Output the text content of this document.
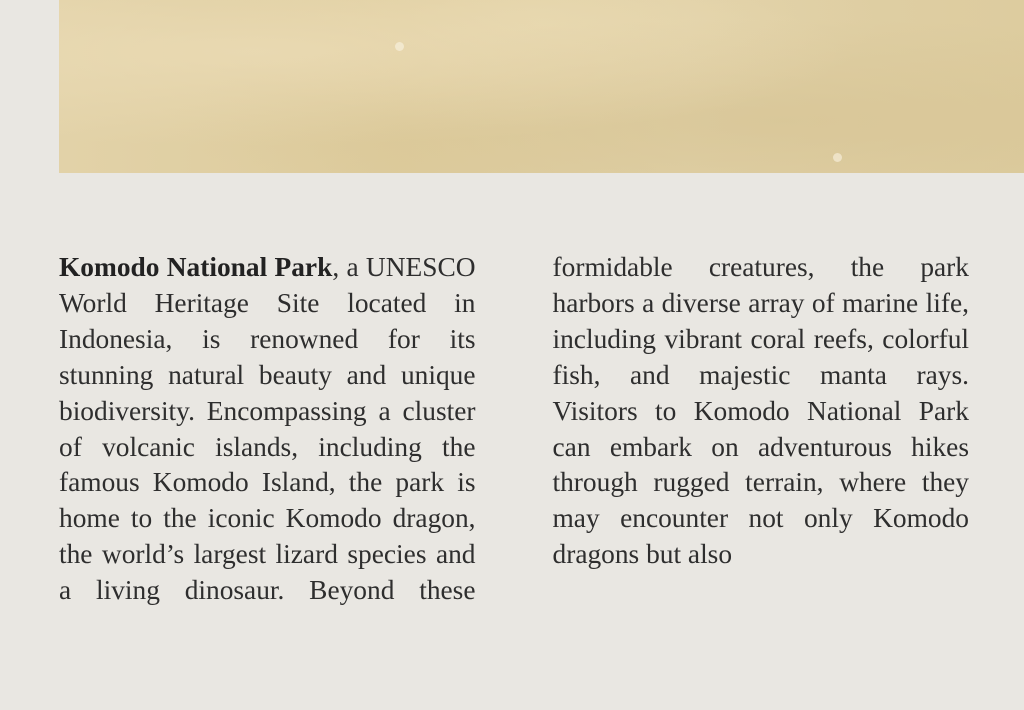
Komodo National Park, a UNESCO World Heritage Site located in Indonesia, is renowned for its stunning natural beauty and unique biodiversity. Encompassing a cluster of volcanic islands, including the famous Komodo Island, the park is home to the iconic Komodo dragon, the world’s largest lizard species and a living dinosaur. Beyond these formidable creatures, the park harbors a diverse array of marine life, including vibrant coral reefs, colorful fish, and majestic manta rays. Visitors to Komodo National Park can embark on adventurous hikes through rugged terrain, where they may encounter not only Komodo dragons but also
